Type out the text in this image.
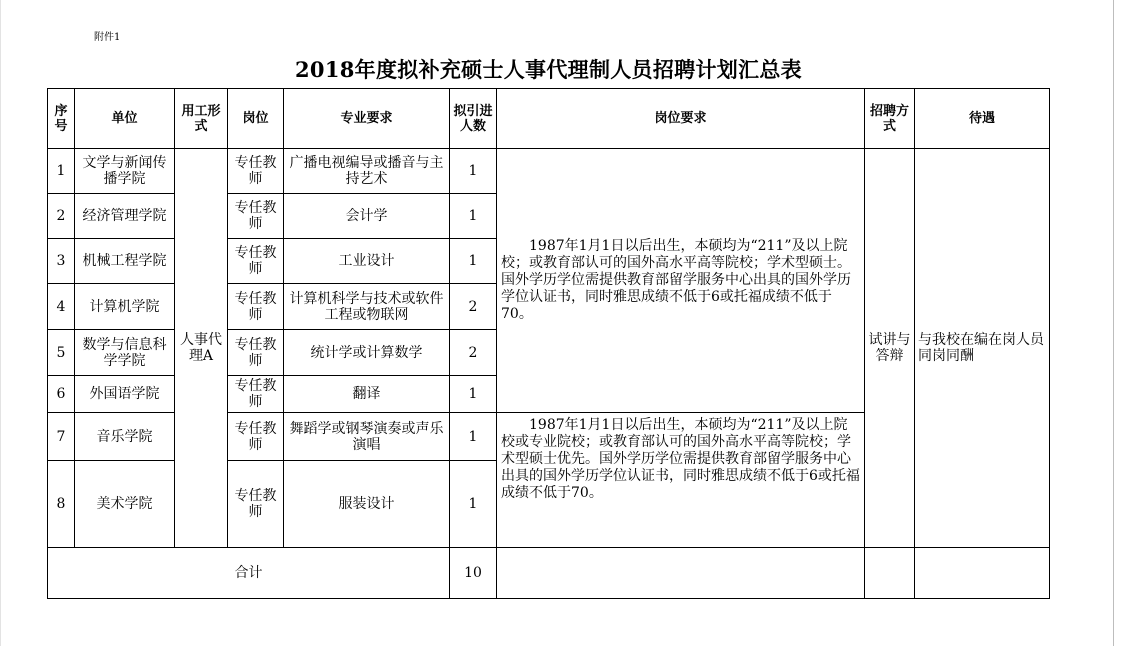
附件1
2018年度拟补充硕士人事代理制人员招聘计划汇总表
序号	单位	用工形式	岗位	专业要求	拟引进人数	岗位要求	招聘方式	待遇
1	文学与新闻传播学院	人事代理A	专任教师	广播电视编导或播音与主持艺术	1	1987年1月1日以后出生，本硕均为“211”及以上院校；或教育部认可的国外高水平高等院校；学术型硕士。国外学历学位需提供教育部留学服务中心出具的国外学历学位认证书，同时雅思成绩不低于6或托福成绩不低于70。	试讲与答辩	与我校在编在岗人员同岗同酬
2	经济管理学院		专任教师	会计学	1			
3	机械工程学院		专任教师	工业设计	1			
4	计算机学院		专任教师	计算机科学与技术或软件工程或物联网	2			
5	数学与信息科学学院		专任教师	统计学或计算数学	2			
6	外国语学院		专任教师	翻译	1			
7	音乐学院		专任教师	舞蹈学或钢琴演奏或声乐演唱	1	1987年1月1日以后出生，本硕均为“211”及以上院校或专业院校；或教育部认可的国外高水平高等院校；学术型硕士优先。国外学历学位需提供教育部留学服务中心出具的国外学历学位认证书，同时雅思成绩不低于6或托福成绩不低于70。		
8	美术学院		专任教师	服装设计	1			
合计					10			
